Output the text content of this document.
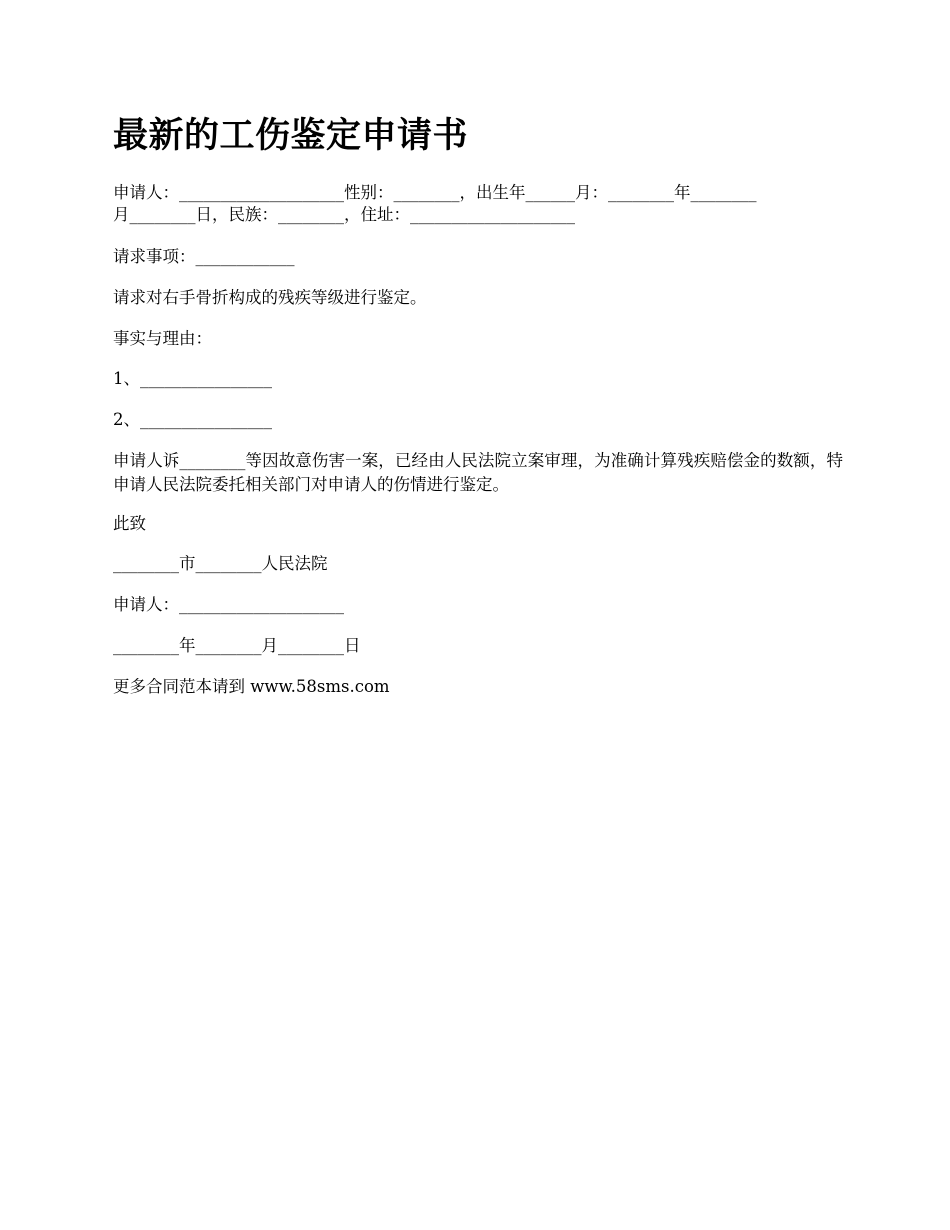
最新的工伤鉴定申请书

申请人：____________________性别：________，出生年______月：________年________

月________日，民族：________，住址：____________________

请求事项：____________

请求对右手骨折构成的残疾等级进行鉴定。

事实与理由：

1、________________

2、________________

申请人诉________等因故意伤害一案，已经由人民法院立案审理，为准确计算残疾赔偿金的数额，特申请人民法院委托相关部门对申请人的伤情进行鉴定。

此致

________市________人民法院

申请人：____________________

________年________月________日

更多合同范本请到 www.58sms.com
